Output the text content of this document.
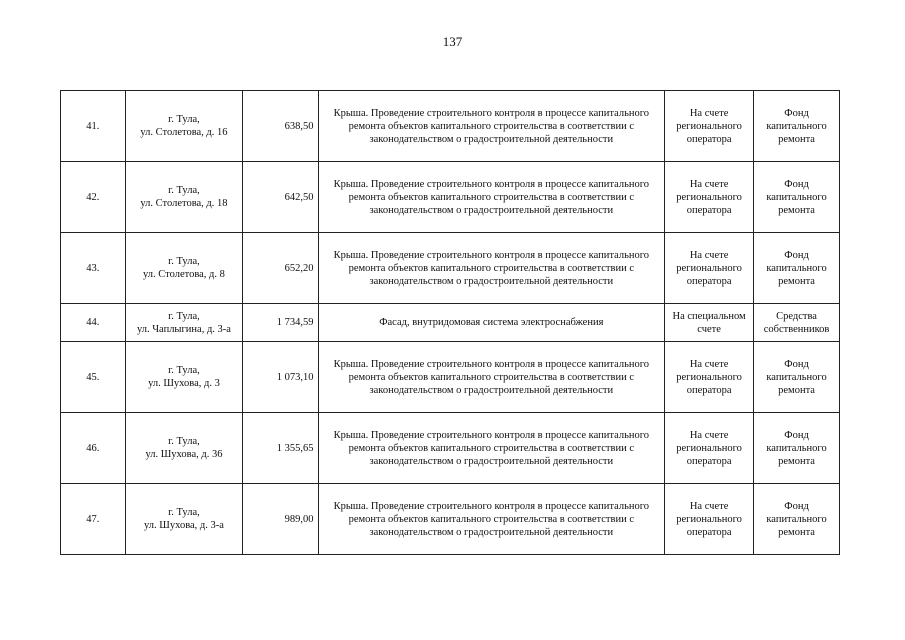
137
41.	г. Тула,
ул. Столетова, д. 16	638,50	Крыша. Проведение строительного контроля в процессе капитального ремонта объектов капитального строительства в соответствии с законодательством о градостроительной деятельности	На счете регионального оператора	Фонд капитального ремонта
42.	г. Тула,
ул. Столетова, д. 18	642,50	Крыша. Проведение строительного контроля в процессе капитального ремонта объектов капитального строительства в соответствии с законодательством о градостроительной деятельности	На счете регионального оператора	Фонд капитального ремонта
43.	г. Тула,
ул. Столетова, д. 8	652,20	Крыша. Проведение строительного контроля в процессе капитального ремонта объектов капитального строительства в соответствии с законодательством о градостроительной деятельности	На счете регионального оператора	Фонд капитального ремонта
44.	г. Тула,
ул. Чаплыгина, д. 3-а	1 734,59	Фасад, внутридомовая система электроснабжения	На специальном счете	Средства собственников
45.	г. Тула,
ул. Шухова, д. 3	1 073,10	Крыша. Проведение строительного контроля в процессе капитального ремонта объектов капитального строительства в соответствии с законодательством о градостроительной деятельности	На счете регионального оператора	Фонд капитального ремонта
46.	г. Тула,
ул. Шухова, д. 36	1 355,65	Крыша. Проведение строительного контроля в процессе капитального ремонта объектов капитального строительства в соответствии с законодательством о градостроительной деятельности	На счете регионального оператора	Фонд капитального ремонта
47.	г. Тула,
ул. Шухова, д. 3-а	989,00	Крыша. Проведение строительного контроля в процессе капитального ремонта объектов капитального строительства в соответствии с законодательством о градостроительной деятельности	На счете регионального оператора	Фонд капитального ремонта
